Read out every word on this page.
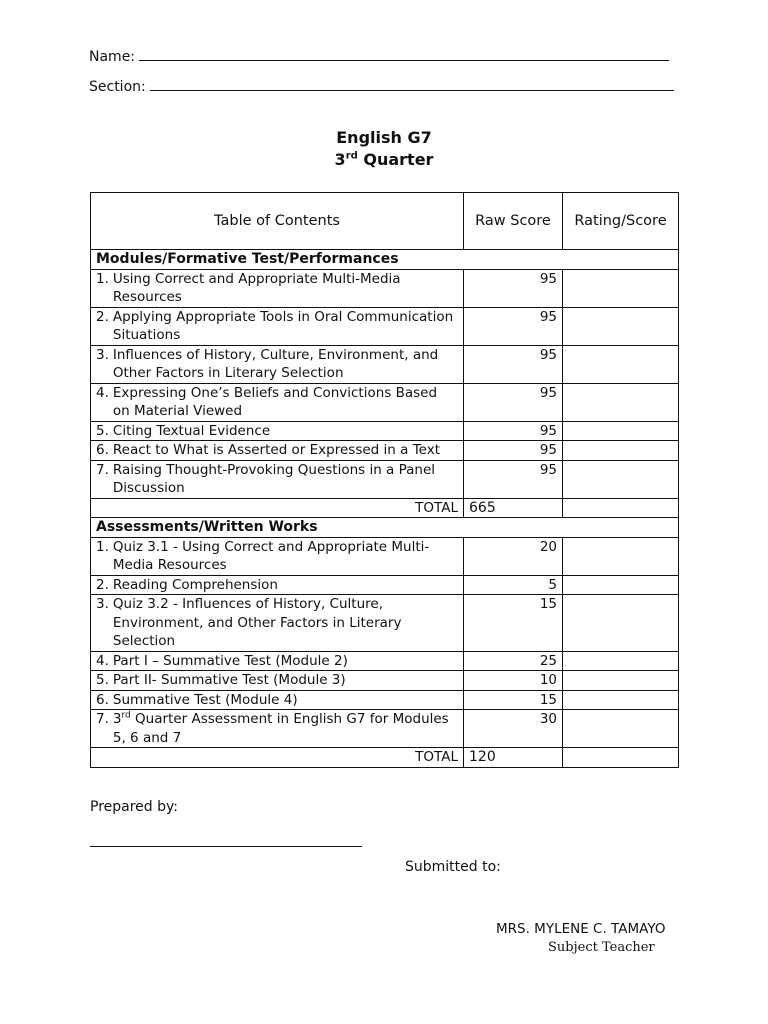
Name:
Section:
English G7
3rd Quarter
Table of Contents	Raw Score	Rating/Score
Modules/Formative Test/Performances		

1. Using Correct and Appropriate Multi-Media Resources	95	

2. Applying Appropriate Tools in Oral Communication Situations	95	

3. Influences of History, Culture, Environment, and Other Factors in Literary Selection	95	

4. Expressing One’s Beliefs and Convictions Based on Material Viewed	95	

5. Citing Textual Evidence	95	

6. React to What is Asserted or Expressed in a Text	95	

7. Raising Thought-Provoking Questions in a Panel Discussion	95	
TOTAL	665	
Assessments/Written Works		

1. Quiz 3.1 - Using Correct and Appropriate Multi-Media Resources	20	

2. Reading Comprehension	5	

3. Quiz 3.2 - Influences of History, Culture, Environment, and Other Factors in Literary Selection	15	

4. Part I – Summative Test (Module 2)	25	

5. Part II- Summative Test (Module 3)	10	

6. Summative Test (Module 4)	15	

7. 3rd Quarter Assessment in English G7 for Modules 5, 6 and 7	30	
TOTAL	120	
Prepared by:
Submitted to:
MRS. MYLENE C. TAMAYO
Subject Teacher
